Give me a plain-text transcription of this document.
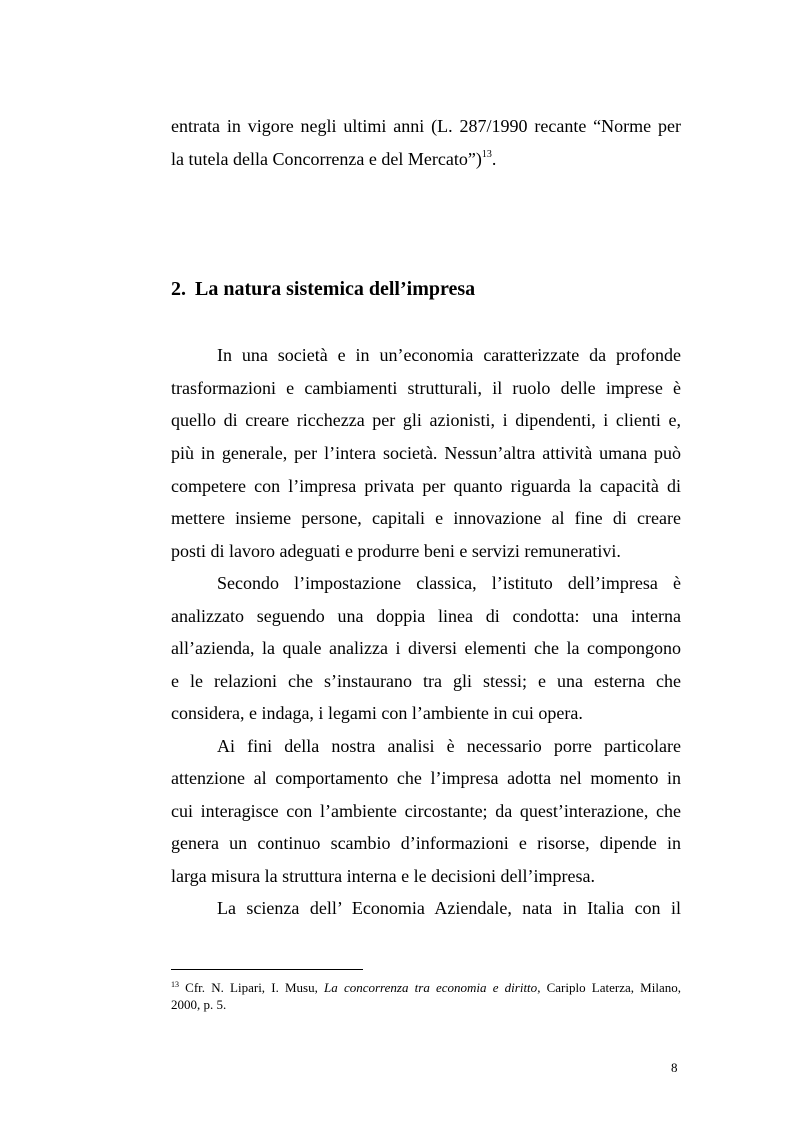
entrata in vigore negli ultimi anni (L. 287/1990 recante “Norme per
la tutela della Concorrenza e del Mercato”)$^{13}$.
2. La natura sistemica dell’impresa
In una società e in un’economia caratterizzate da profonde
trasformazioni e cambiamenti strutturali, il ruolo delle imprese è
quello di creare ricchezza per gli azionisti, i dipendenti, i clienti e,
più in generale, per l’intera società. Nessun’altra attività umana può
competere con l’impresa privata per quanto riguarda la capacità di
mettere insieme persone, capitali e innovazione al fine di creare
posti di lavoro adeguati e produrre beni e servizi remunerativi.
Secondo l’impostazione classica, l’istituto dell’impresa è
analizzato seguendo una doppia linea di condotta: una interna
all’azienda, la quale analizza i diversi elementi che la compongono
e le relazioni che s’instaurano tra gli stessi; e una esterna che
considera, e indaga, i legami con l’ambiente in cui opera.
Ai fini della nostra analisi è necessario porre particolare
attenzione al comportamento che l’impresa adotta nel momento in
cui interagisce con l’ambiente circostante; da quest’interazione, che
genera un continuo scambio d’informazioni e risorse, dipende in
larga misura la struttura interna e le decisioni dell’impresa.
La scienza dell’ Economia Aziendale, nata in Italia con il
$^{13}$ Cfr. N. Lipari, I. Musu, La concorrenza tra economia e diritto, Cariplo Laterza, Milano,
2000, p. 5.
8
